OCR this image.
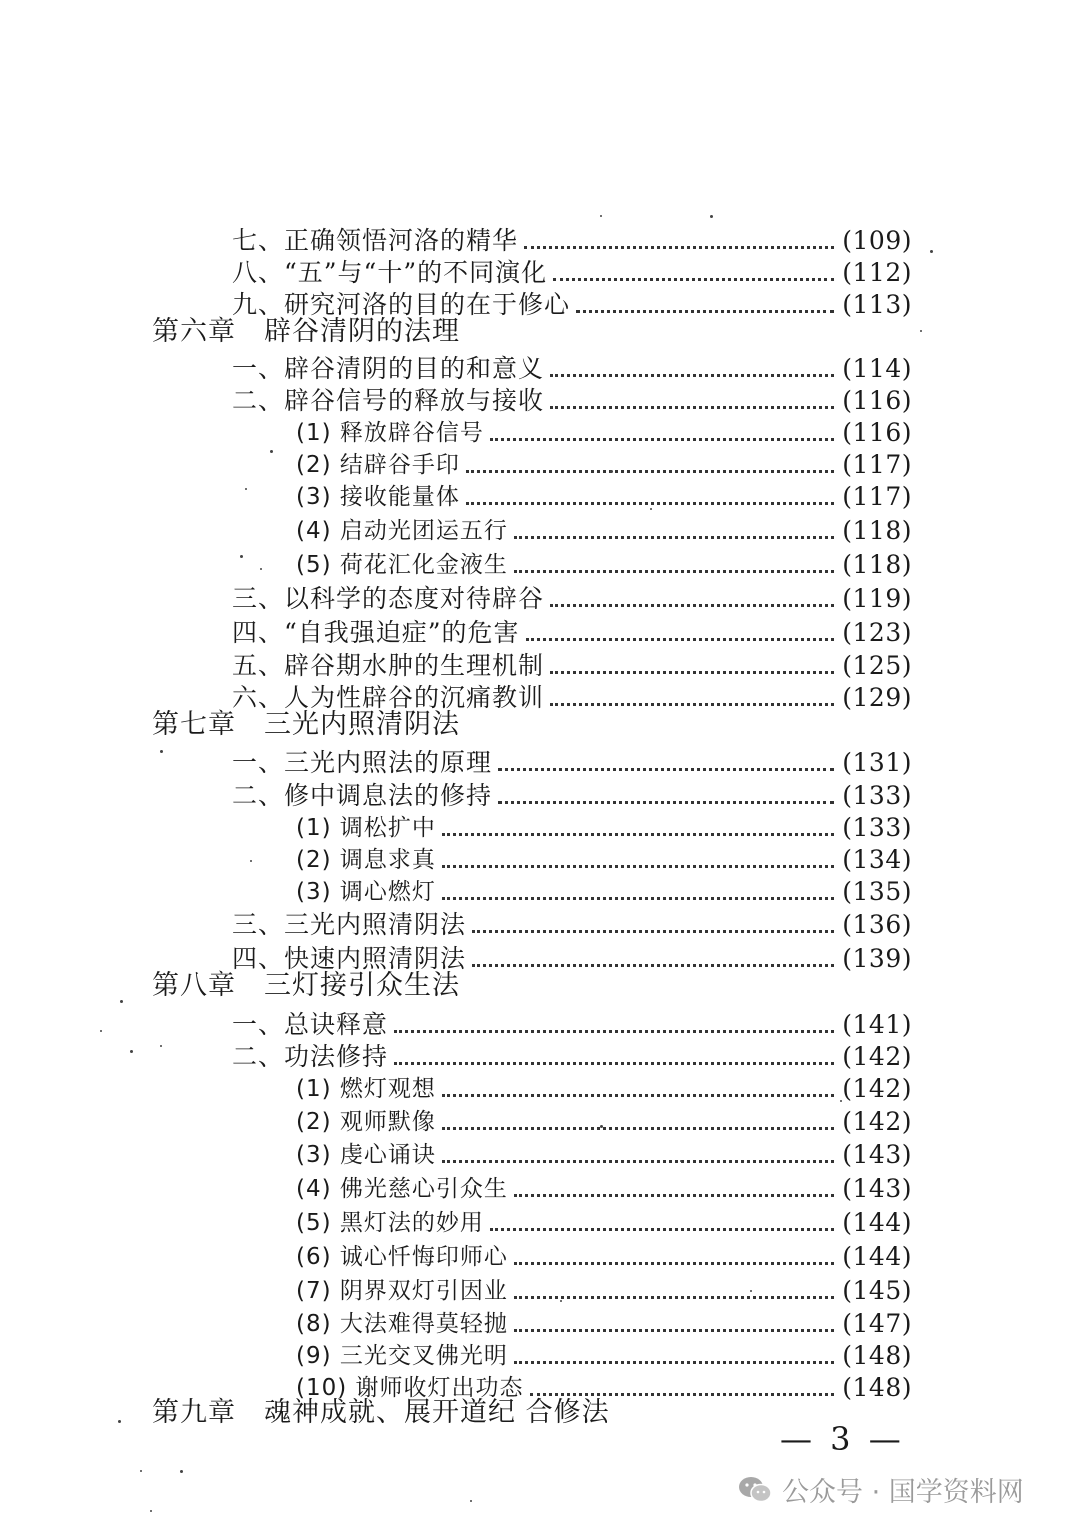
七、正确领悟河洛的精华	(109)
八、“五”与“十”的不同演化	(112)
九、研究河洛的目的在于修心	(113)
第六章　辟谷清阴的法理
一、辟谷清阴的目的和意义	(114)
二、辟谷信号的释放与接收	(116)
(1) 释放辟谷信号	(116)
(2) 结辟谷手印	(117)
(3) 接收能量体	(117)
(4) 启动光团运五行	(118)
(5) 荷花汇化金液生	(118)
三、以科学的态度对待辟谷	(119)
四、“自我强迫症”的危害	(123)
五、辟谷期水肿的生理机制	(125)
六、人为性辟谷的沉痛教训	(129)
第七章　三光内照清阴法
一、三光内照法的原理	(131)
二、修中调息法的修持	(133)
(1) 调松扩中	(133)
(2) 调息求真	(134)
(3) 调心燃灯	(135)
三、三光内照清阴法	(136)
四、快速内照清阴法	(139)
第八章　三灯接引众生法
一、总诀释意	(141)
二、功法修持	(142)
(1) 燃灯观想	(142)
(2) 观师默像	(142)
(3) 虔心诵诀	(143)
(4) 佛光慈心引众生	(143)
(5) 黑灯法的妙用	(144)
(6) 诚心忏悔印师心	(144)
(7) 阴界双灯引因业	(145)
(8) 大法难得莫轻抛	(147)
(9) 三光交叉佛光明	(148)
(10) 谢师收灯出功态	(148)
第九章　魂神成就、展开道纪 合修法
— 3 —
公众号 · 国学资料网
